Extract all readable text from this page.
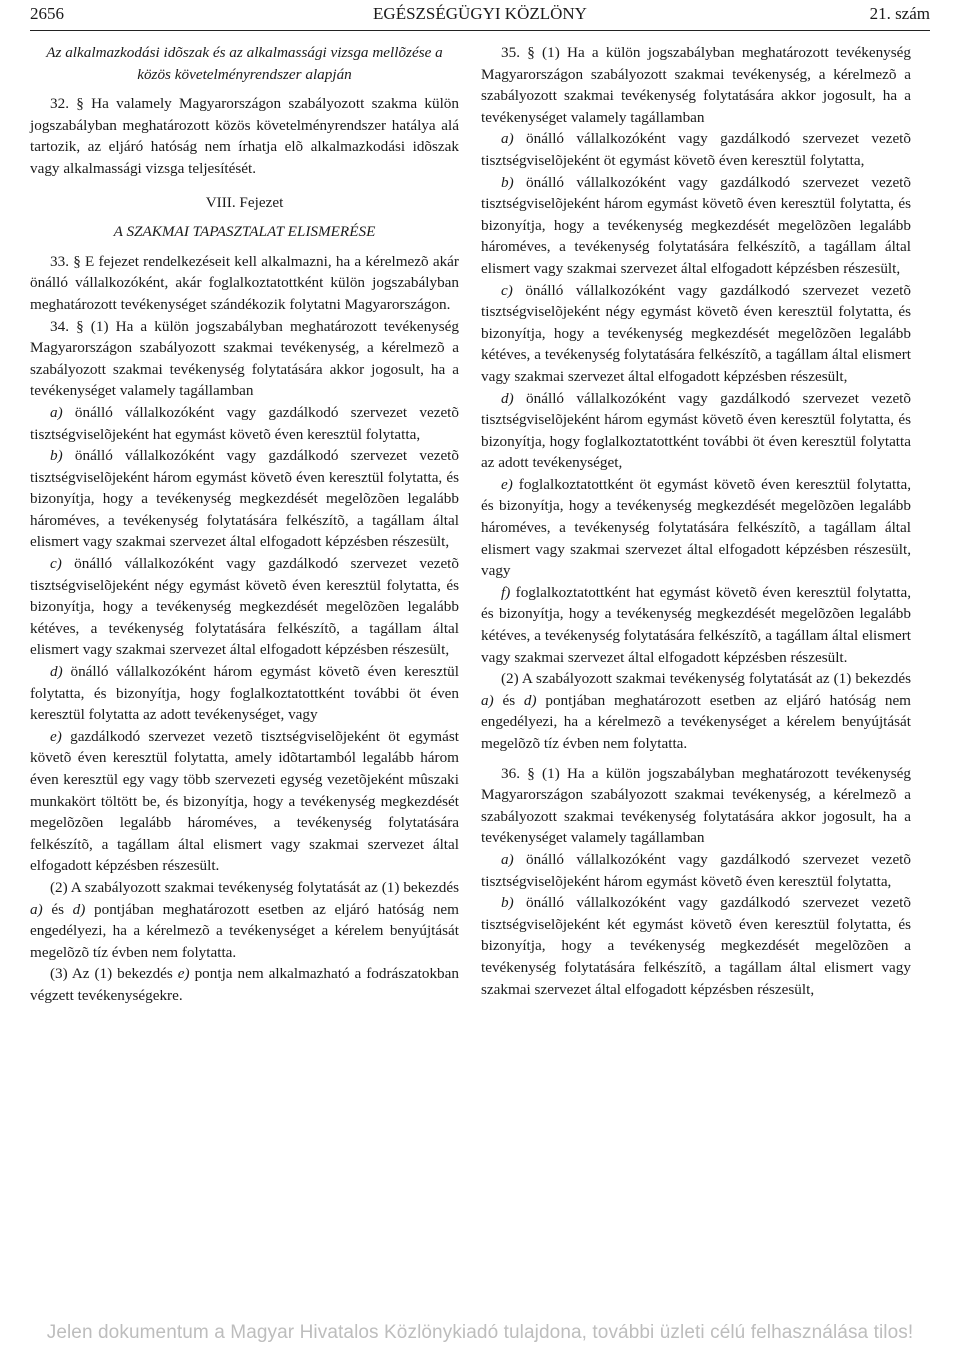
2656	EGÉSZSÉGÜGYI KÖZLÖNY	21. szám

Az alkalmazkodási idõszak és az alkalmassági vizsga mellõzése a közös követelményrendszer alapján

32. § Ha valamely Magyarországon szabályozott szakma külön jogszabályban meghatározott közös követelményrendszer hatálya alá tartozik, az eljáró hatóság nem írhatja elõ alkalmazkodási idõszak vagy alkalmassági vizsga teljesítését.

VIII. Fejezet

A SZAKMAI TAPASZTALAT ELISMERÉSE

33. § E fejezet rendelkezéseit kell alkalmazni, ha a kérelmezõ akár önálló vállalkozóként, akár foglalkoztatottként külön jogszabályban meghatározott tevékenységet szándékozik folytatni Magyarországon.

34. § (1) Ha a külön jogszabályban meghatározott tevékenység Magyarországon szabályozott szakmai tevékenység, a kérelmezõ a szabályozott szakmai tevékenység folytatására akkor jogosult, ha a tevékenységet valamely tagállamban

a) önálló vállalkozóként vagy gazdálkodó szervezet vezetõ tisztségviselõjeként hat egymást követõ éven keresztül folytatta,

b) önálló vállalkozóként vagy gazdálkodó szervezet vezetõ tisztségviselõjeként három egymást követõ éven keresztül folytatta, és bizonyítja, hogy a tevékenység megkezdését megelõzõen legalább hároméves, a tevékenység folytatására felkészítõ, a tagállam által elismert vagy szakmai szervezet által elfogadott képzésben részesült,

c) önálló vállalkozóként vagy gazdálkodó szervezet vezetõ tisztségviselõjeként négy egymást követõ éven keresztül folytatta, és bizonyítja, hogy a tevékenység megkezdését megelõzõen legalább kétéves, a tevékenység folytatására felkészítõ, a tagállam által elismert vagy szakmai szervezet által elfogadott képzésben részesült,

d) önálló vállalkozóként három egymást követõ éven keresztül folytatta, és bizonyítja, hogy foglalkoztatottként további öt éven keresztül folytatta az adott tevékenységet, vagy

e) gazdálkodó szervezet vezetõ tisztségviselõjeként öt egymást követõ éven keresztül folytatta, amely idõtartamból legalább három éven keresztül egy vagy több szervezeti egység vezetõjeként mûszaki munkakört töltött be, és bizonyítja, hogy a tevékenység megkezdését megelõzõen legalább hároméves, a tevékenység folytatására felkészítõ, a tagállam által elismert vagy szakmai szervezet által elfogadott képzésben részesült.

(2) A szabályozott szakmai tevékenység folytatását az (1) bekezdés a) és d) pontjában meghatározott esetben az eljáró hatóság nem engedélyezi, ha a kérelmezõ a tevékenységet a kérelem benyújtását megelõzõ tíz évben nem folytatta.

(3) Az (1) bekezdés e) pontja nem alkalmazható a fodrászatokban végzett tevékenységekre.

35. § (1) Ha a külön jogszabályban meghatározott tevékenység Magyarországon szabályozott szakmai tevékenység, a kérelmezõ a szabályozott szakmai tevékenység folytatására akkor jogosult, ha a tevékenységet valamely tagállamban

a) önálló vállalkozóként vagy gazdálkodó szervezet vezetõ tisztségviselõjeként öt egymást követõ éven keresztül folytatta,

b) önálló vállalkozóként vagy gazdálkodó szervezet vezetõ tisztségviselõjeként három egymást követõ éven keresztül folytatta, és bizonyítja, hogy a tevékenység megkezdését megelõzõen legalább hároméves, a tevékenység folytatására felkészítõ, a tagállam által elismert vagy szakmai szervezet által elfogadott képzésben részesült,

c) önálló vállalkozóként vagy gazdálkodó szervezet vezetõ tisztségviselõjeként négy egymást követõ éven keresztül folytatta, és bizonyítja, hogy a tevékenység megkezdését megelõzõen legalább kétéves, a tevékenység folytatására felkészítõ, a tagállam által elismert vagy szakmai szervezet által elfogadott képzésben részesült,

d) önálló vállalkozóként vagy gazdálkodó szervezet vezetõ tisztségviselõjeként három egymást követõ éven keresztül folytatta, és bizonyítja, hogy foglalkoztatottként további öt éven keresztül folytatta az adott tevékenységet,

e) foglalkoztatottként öt egymást követõ éven keresztül folytatta, és bizonyítja, hogy a tevékenység megkezdését megelõzõen legalább hároméves, a tevékenység folytatására felkészítõ, a tagállam által elismert vagy szakmai szervezet által elfogadott képzésben részesült, vagy

f) foglalkoztatottként hat egymást követõ éven keresztül folytatta, és bizonyítja, hogy a tevékenység megkezdését megelõzõen legalább kétéves, a tevékenység folytatására felkészítõ, a tagállam által elismert vagy szakmai szervezet által elfogadott képzésben részesült.

(2) A szabályozott szakmai tevékenység folytatását az (1) bekezdés a) és d) pontjában meghatározott esetben az eljáró hatóság nem engedélyezi, ha a kérelmezõ a tevékenységet a kérelem benyújtását megelõzõ tíz évben nem folytatta.

36. § (1) Ha a külön jogszabályban meghatározott tevékenység Magyarországon szabályozott szakmai tevékenység, a kérelmezõ a szabályozott szakmai tevékenység folytatására akkor jogosult, ha a tevékenységet valamely tagállamban

a) önálló vállalkozóként vagy gazdálkodó szervezet vezetõ tisztségviselõjeként három egymást követõ éven keresztül folytatta,

b) önálló vállalkozóként vagy gazdálkodó szervezet vezetõ tisztségviselõjeként két egymást követõ éven keresztül folytatta, és bizonyítja, hogy a tevékenység megkezdését megelõzõen a tevékenység folytatására felkészítõ, a tagállam által elismert vagy szakmai szervezet által elfogadott képzésben részesült,

Jelen dokumentum a Magyar Hivatalos Közlönykiadó tulajdona, további üzleti célú felhasználása tilos!
